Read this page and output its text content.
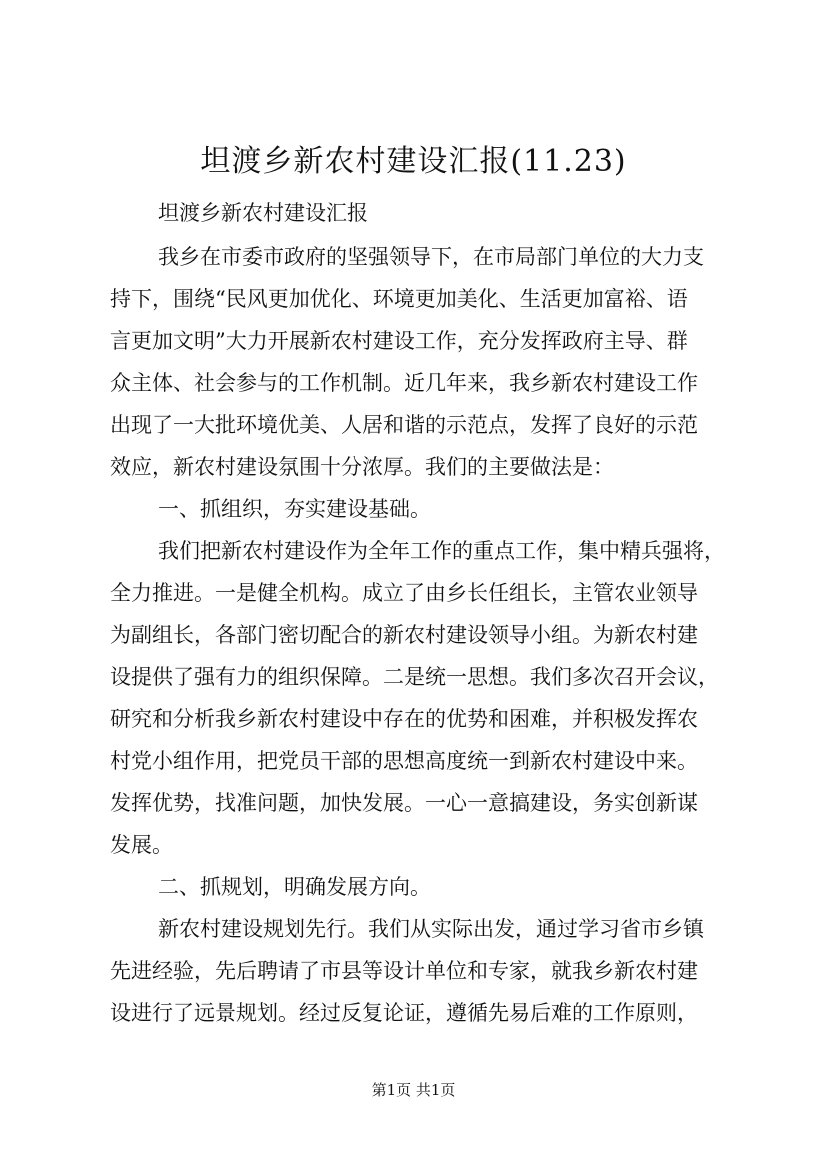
坦渡乡新农村建设汇报(11.23)
坦渡乡新农村建设汇报
我乡在市委市政府的坚强领导下，在市局部门单位的大力支
持下，围绕“民风更加优化、环境更加美化、生活更加富裕、语
言更加文明”大力开展新农村建设工作，充分发挥政府主导、群
众主体、社会参与的工作机制。近几年来，我乡新农村建设工作
出现了一大批环境优美、人居和谐的示范点，发挥了良好的示范
效应，新农村建设氛围十分浓厚。我们的主要做法是：
一、抓组织，夯实建设基础。
我们把新农村建设作为全年工作的重点工作，集中精兵强将，
全力推进。一是健全机构。成立了由乡长任组长，主管农业领导
为副组长，各部门密切配合的新农村建设领导小组。为新农村建
设提供了强有力的组织保障。二是统一思想。我们多次召开会议，
研究和分析我乡新农村建设中存在的优势和困难，并积极发挥农
村党小组作用，把党员干部的思想高度统一到新农村建设中来。
发挥优势，找准问题，加快发展。一心一意搞建设，务实创新谋
发展。
二、抓规划，明确发展方向。
新农村建设规划先行。我们从实际出发，通过学习省市乡镇
先进经验，先后聘请了市县等设计单位和专家，就我乡新农村建
设进行了远景规划。经过反复论证，遵循先易后难的工作原则，
第1页 共1页
